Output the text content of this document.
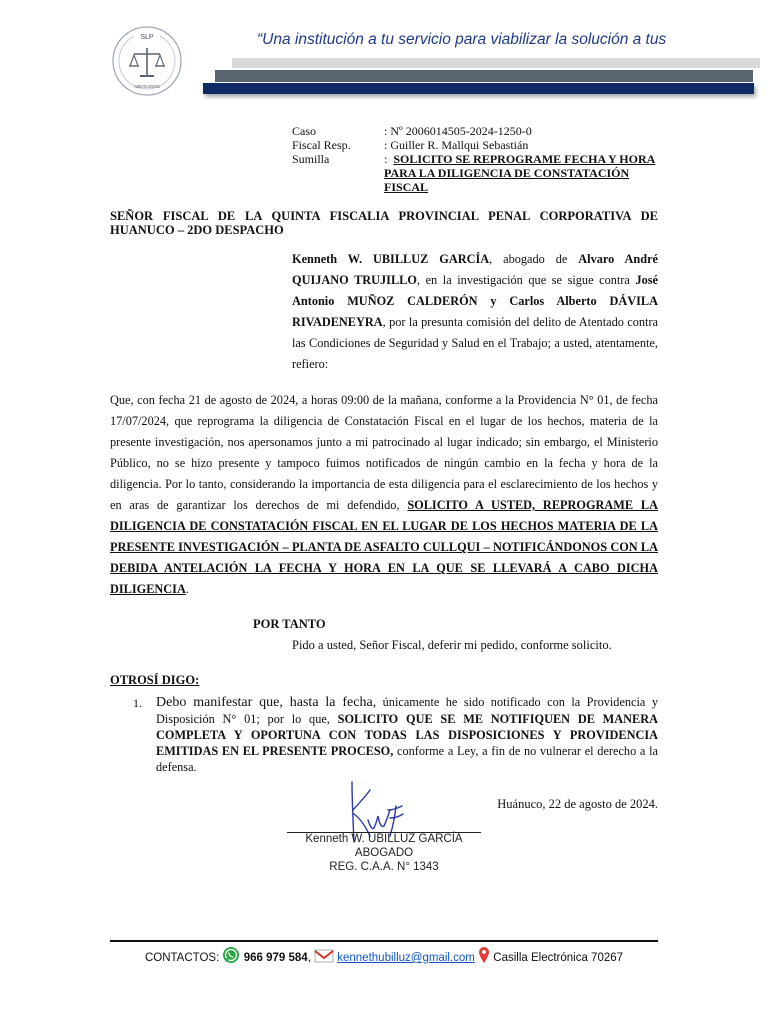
SLP
ABOGADOS
“Una institución a tu servicio para viabilizar la solución a tus
Caso	: Nº 2006014505-2024-1250-0
Fiscal Resp.	: Guiller R. Mallqui Sebastián
Sumilla	: SOLICITO SE REPROGRAME FECHA Y HORA PARA LA DILIGENCIA DE CONSTATACIÓN FISCAL
SEÑOR FISCAL DE LA QUINTA FISCALIA PROVINCIAL PENAL CORPORATIVA DE HUANUCO – 2DO DESPACHO
Kenneth W. UBILLUZ GARCÍA, abogado de Alvaro André QUIJANO TRUJILLO, en la investigación que se sigue contra José Antonio MUÑOZ CALDERÓN y Carlos Alberto DÁVILA RIVADENEYRA, por la presunta comisión del delito de Atentado contra las Condiciones de Seguridad y Salud en el Trabajo; a usted, atentamente, refiero:
Que, con fecha 21 de agosto de 2024, a horas 09:00 de la mañana, conforme a la Providencia N° 01, de fecha 17/07/2024, que reprograma la diligencia de Constatación Fiscal en el lugar de los hechos, materia de la presente investigación, nos apersonamos junto a mi patrocinado al lugar indicado; sin embargo, el Ministerio Público, no se hizo presente y tampoco fuimos notificados de ningún cambio en la fecha y hora de la diligencia. Por lo tanto, considerando la importancia de esta diligencia para el esclarecimiento de los hechos y en aras de garantizar los derechos de mi defendido, SOLICITO A USTED, REPROGRAME LA DILIGENCIA DE CONSTATACIÓN FISCAL EN EL LUGAR DE LOS HECHOS MATERIA DE LA PRESENTE INVESTIGACIÓN – PLANTA DE ASFALTO CULLQUI – NOTIFICÁNDONOS CON LA DEBIDA ANTELACIÓN LA FECHA Y HORA EN LA QUE SE LLEVARÁ A CABO DICHA DILIGENCIA.
POR TANTO
Pido a usted, Señor Fiscal, deferir mi pedido, conforme solicito.
OTROSÍ DIGO:
1. Debo manifestar que, hasta la fecha, únicamente he sido notificado con la Providencia y Disposición N° 01; por lo que, SOLICITO QUE SE ME NOTIFIQUEN DE MANERA COMPLETA Y OPORTUNA CON TODAS LAS DISPOSICIONES Y PROVIDENCIA EMITIDAS EN EL PRESENTE PROCESO, conforme a Ley, a fin de no vulnerar el derecho a la defensa.
Huánuco, 22 de agosto de 2024.
Kenneth W. UBILLUZ GARCÍA
ABOGADO
REG. C.A.A. N° 1343
CONTACTOS: 966 979 584, kennethubilluz@gmail.com Casilla Electrónica 70267
